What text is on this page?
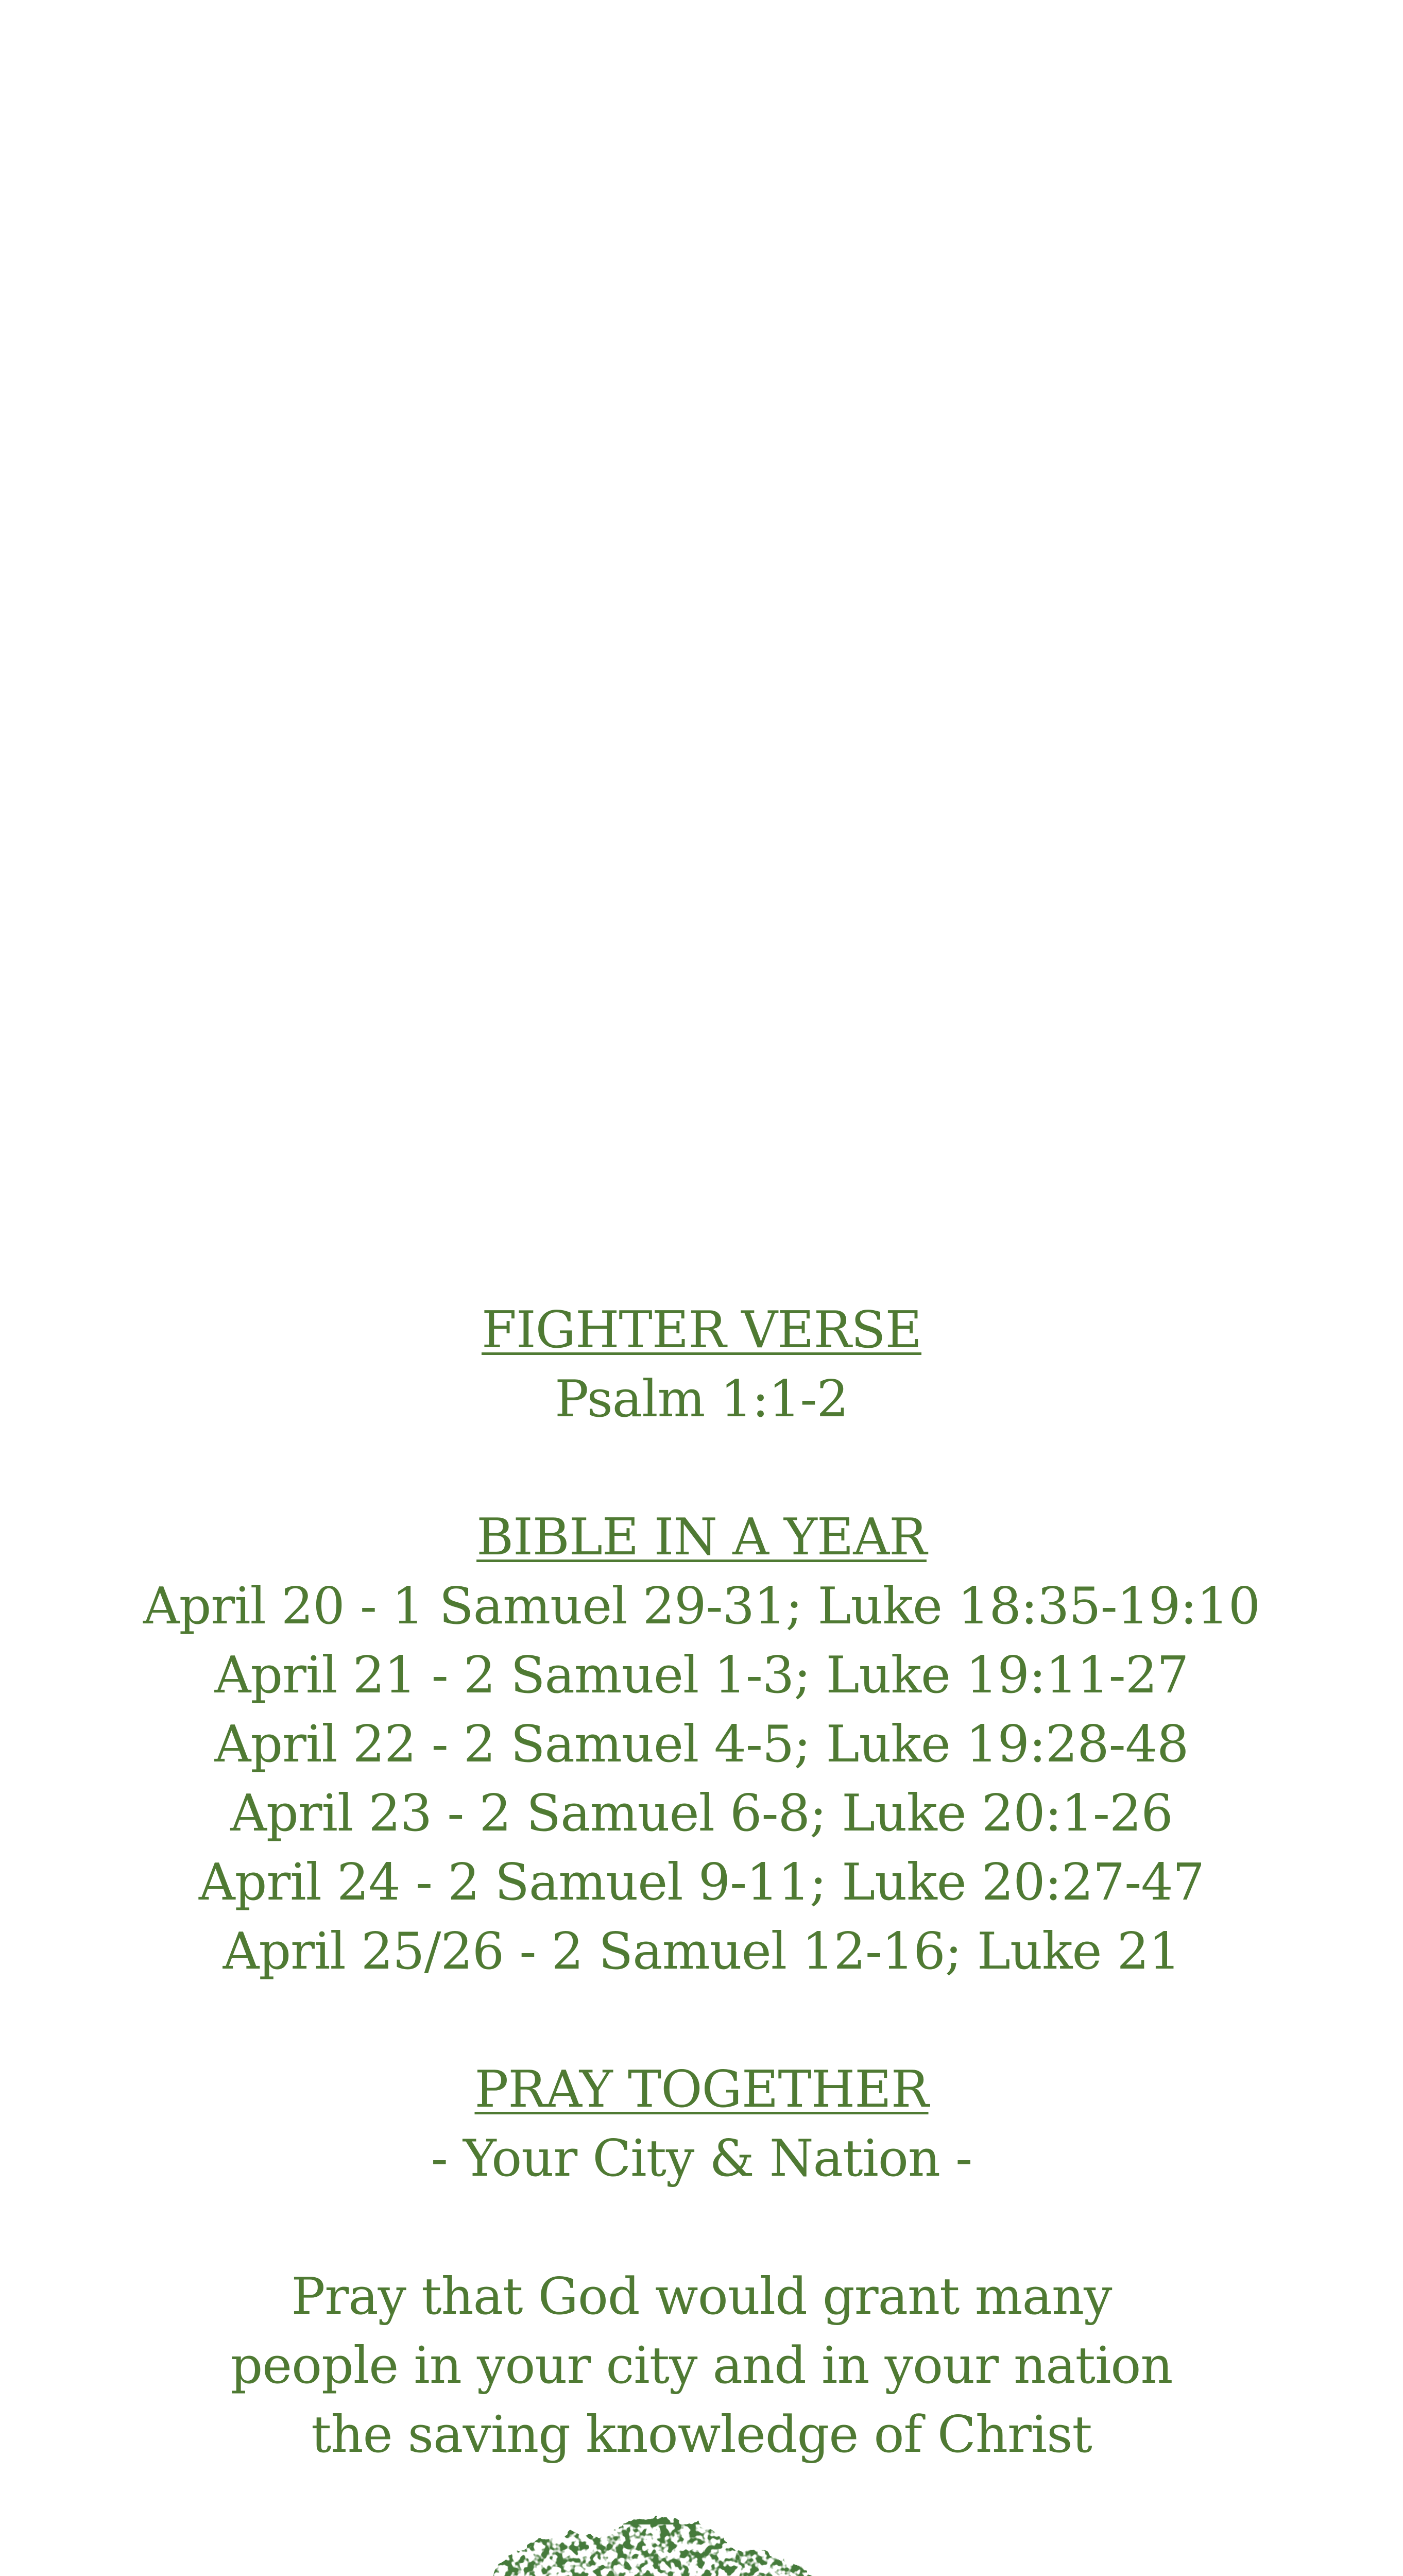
FIGHTER VERSE
Psalm 1:1-2
BIBLE IN A YEAR
April 20 - 1 Samuel 29-31; Luke 18:35-19:10
April 21 - 2 Samuel 1-3; Luke 19:11-27
April 22 - 2 Samuel 4-5; Luke 19:28-48
April 23 - 2 Samuel 6-8; Luke 20:1-26
April 24 - 2 Samuel 9-11; Luke 20:27-47
April 25/26 - 2 Samuel 12-16; Luke 21
PRAY TOGETHER
- Your City & Nation -
Pray that God would grant many people in your city and in your nation the saving knowledge of Christ
